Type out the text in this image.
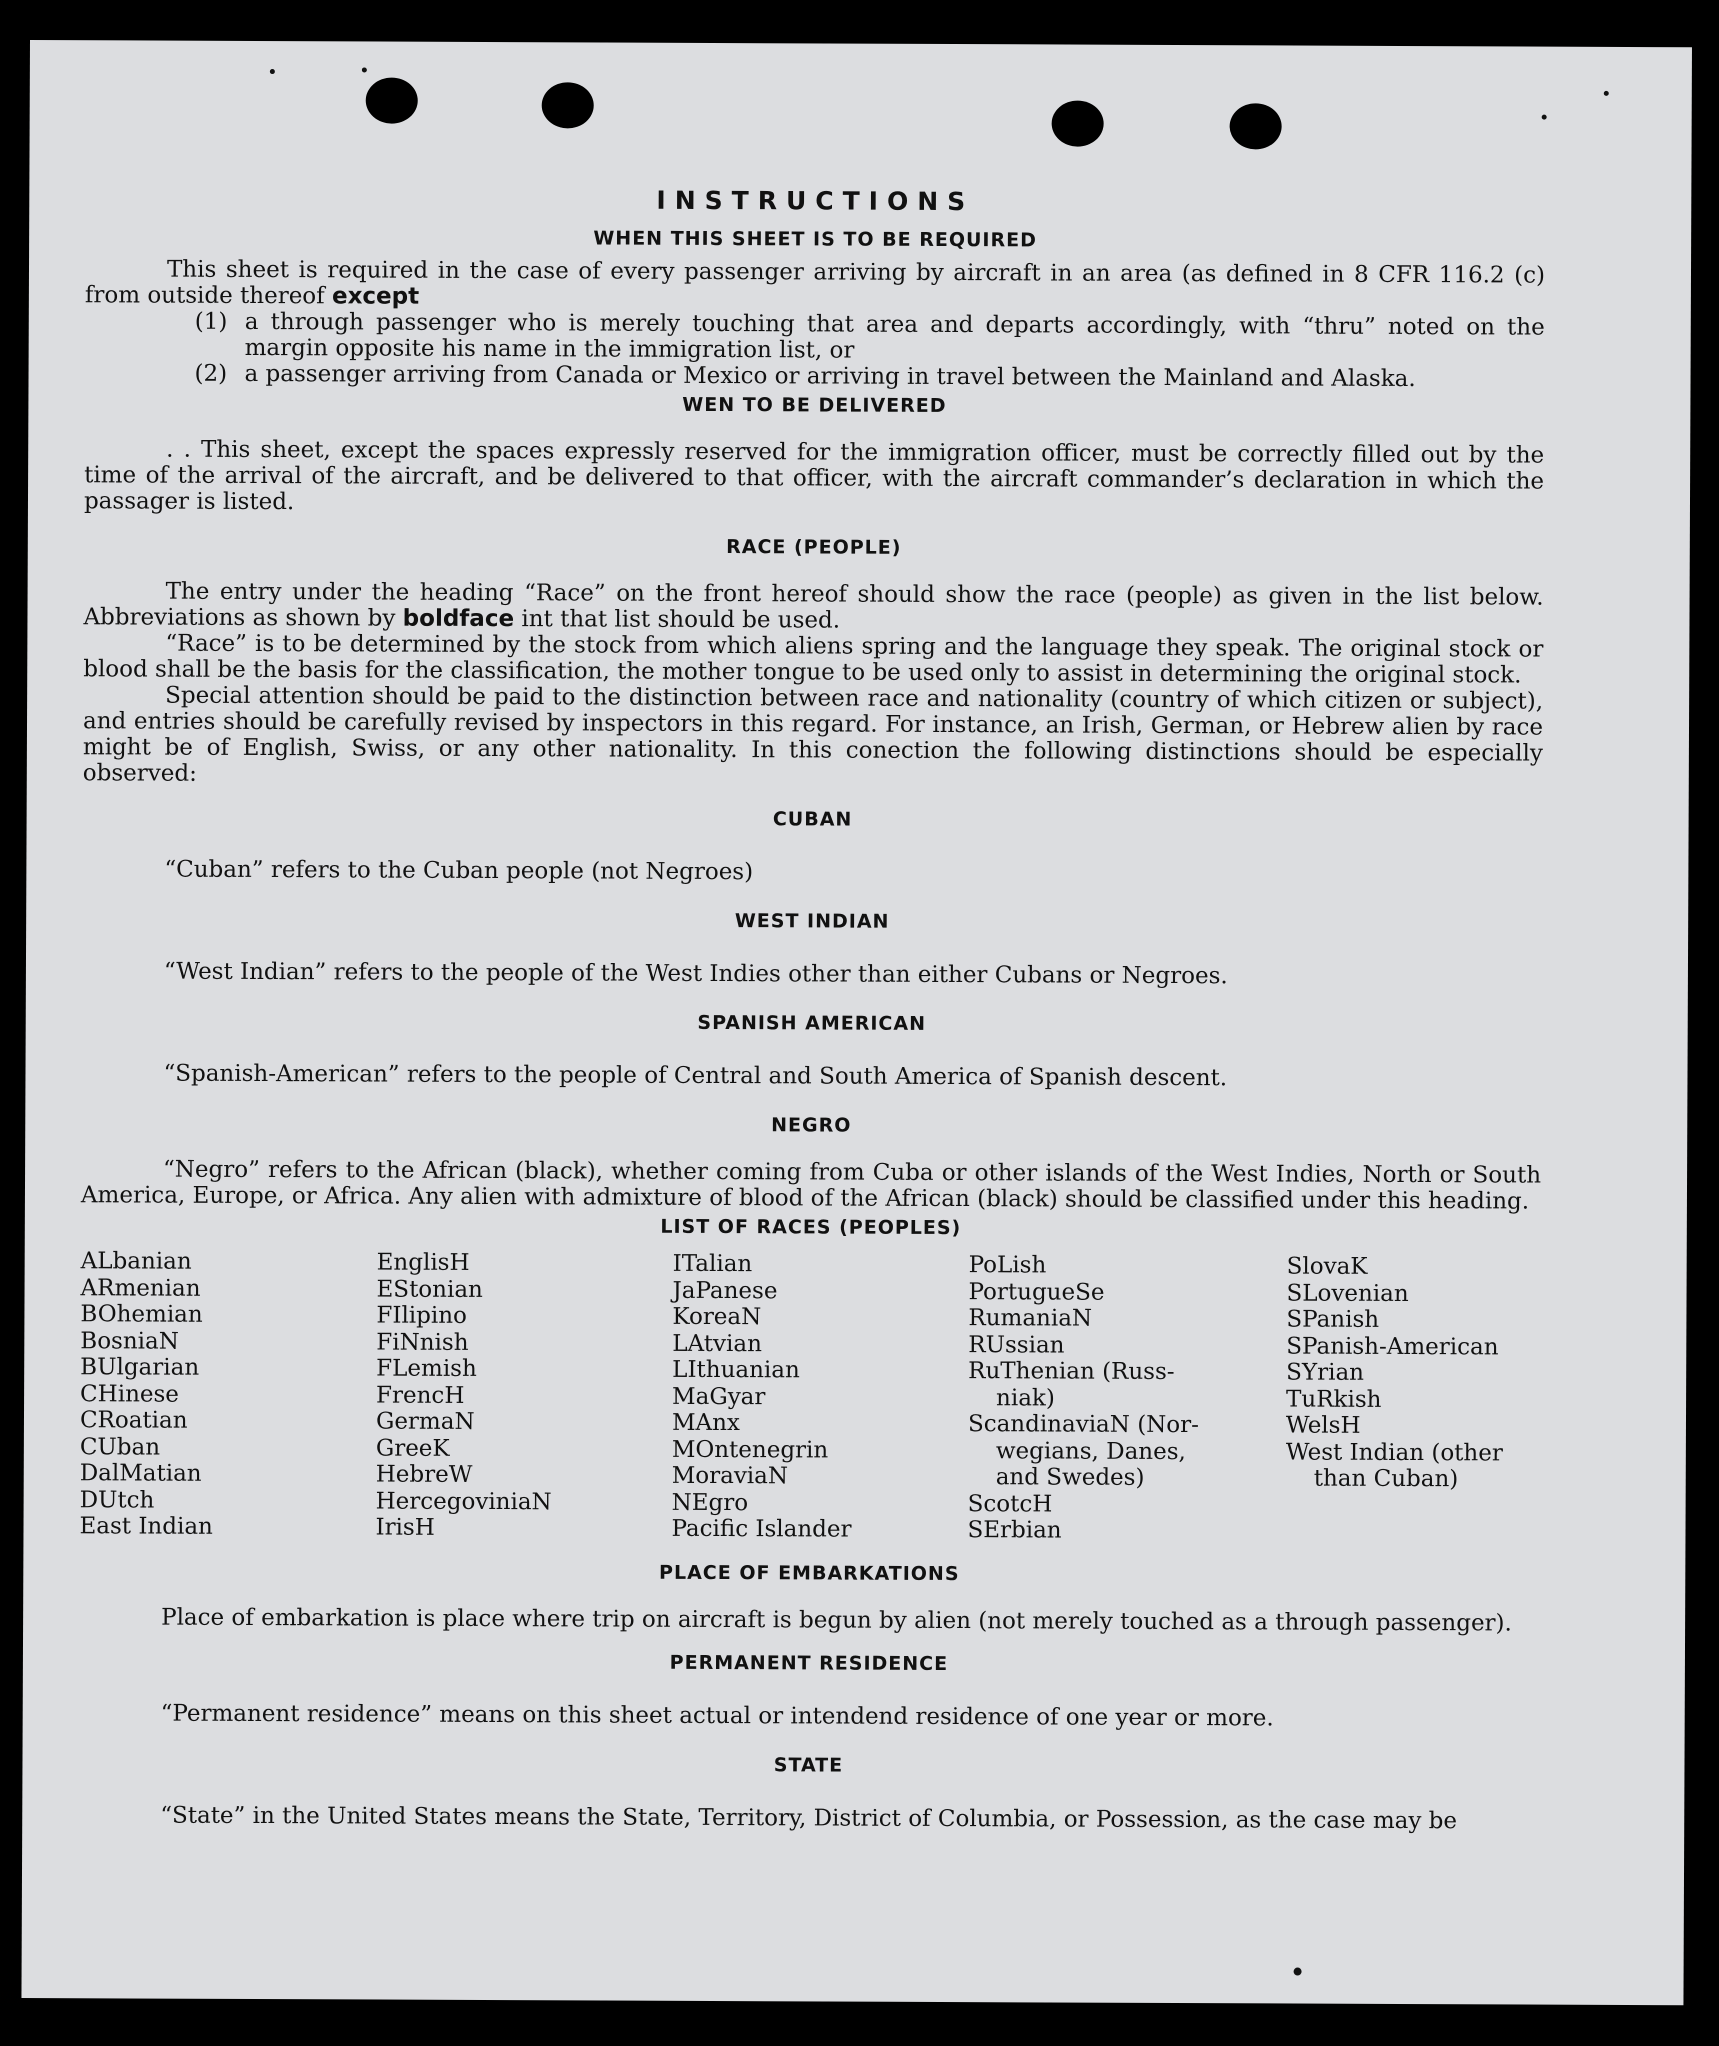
INSTRUCTIONS
WHEN THIS SHEET IS TO BE REQUIRED

This sheet is required in the case of every passenger arriving by aircraft in an area (as defined in 8 CFR 116.2 (c) from outside thereof except

(1) a through passenger who is merely touching that area and departs accordingly, with “thru” noted on the margin opposite his name in the immigration list, or
(2) a passenger arriving from Canada or Mexico or arriving in travel between the Mainland and Alaska.
WEN TO BE DELIVERED

. . This sheet, except the spaces expressly reserved for the immigration officer, must be correctly filled out by the time of the arrival of the aircraft, and be delivered to that officer, with the aircraft commander’s declaration in which the passager is listed.

RACE (PEOPLE)

The entry under the heading “Race” on the front hereof should show the race (people) as given in the list below. Abbreviations as shown by boldface int that list should be used.

“Race” is to be determined by the stock from which aliens spring and the language they speak. The original stock or blood shall be the basis for the classification, the mother tongue to be used only to assist in determining the original stock.

Special attention should be paid to the distinction between race and nationality (country of which citizen or subject), and entries should be carefully revised by inspectors in this regard. For instance, an Irish, German, or Hebrew alien by race might be of English, Swiss, or any other nationality. In this conection the following distinctions should be especially observed:

CUBAN

“Cuban” refers to the Cuban people (not Negroes)

WEST INDIAN

“West Indian” refers to the people of the West Indies other than either Cubans or Negroes.

SPANISH AMERICAN

“Spanish-American” refers to the people of Central and South America of Spanish descent.

NEGRO

“Negro” refers to the African (black), whether coming from Cuba or other islands of the West Indies, North or South America, Europe, or Africa. Any alien with admixture of blood of the African (black) should be classified under this heading.

LIST OF RACES (PEOPLES)
ALbanian
ARmenian
BOhemian
BosniaN
BUlgarian
CHinese
CRoatian
CUban
DalMatian
DUtch
East Indian
EnglisH
EStonian
FIlipino
FiNnish
FLemish
FrencH
GermaN
GreeK
HebreW
HercegoviniaN
IrisH
ITalian
JaPanese
KoreaN
LAtvian
LIthuanian
MaGyar
MAnx
MOntenegrin
MoraviaN
NEgro
Pacific Islander
PoLish
PortugueSe
RumaniaN
RUssian
RuThenian (Russ-
niak)
ScandinaviaN (Nor-
wegians, Danes,
and Swedes)
ScotcH
SErbian
SlovaK
SLovenian
SPanish
SPanish-American
SYrian
TuRkish
WelsH
West Indian (other
than Cuban)
PLACE OF EMBARKATIONS

Place of embarkation is place where trip on aircraft is begun by alien (not merely touched as a through passenger).

PERMANENT RESIDENCE

“Permanent residence” means on this sheet actual or intendend residence of one year or more.

STATE

“State” in the United States means the State, Territory, District of Columbia, or Possession, as the case may be
